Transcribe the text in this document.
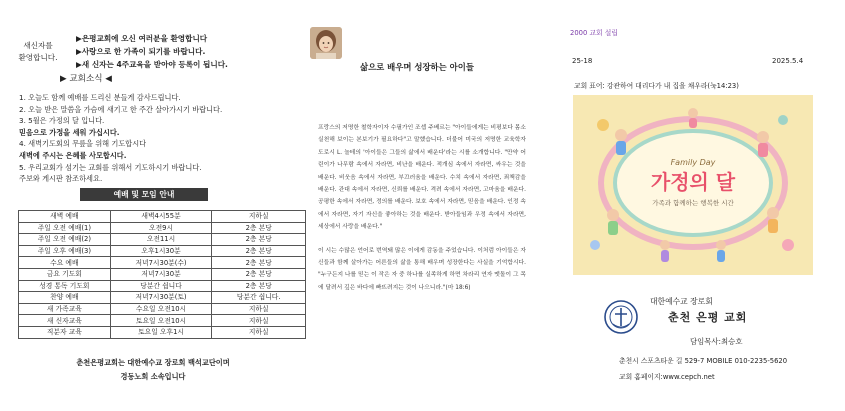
새신자를
환영합니다.
▶은평교회에 오신 여러분을 환영합니다
▶사랑으로 한 가족이 되기를 바랍니다.
▶새 신자는 4주교육을 받아야 등록이 됩니다.
▶ 교회소식 ◀
1. 오늘도 함께 예배를 드리신 분들게 감사드립니다.
2. 오늘 받은 말씀을 가슴에 새기고 한 주간 살아가시기 바랍니다.
3. 5월은 가정의 달 입니다.
믿음으로 가정을 세워 가십시다.
4. 새벽기도회의 무릎을 위해 기도합시다
새벽에 주시는 은혜를 사모합시다.
5. 우리교회가 섬기는 교회를 위해서 기도하시기 바랍니다.
주보와 게시판 참조하세요.
예배 및 모임 안내
새벽 예배	새벽4시55분	지하실
주일 오전 예배(1)	오전9시	2층 본당
주일 오전 예배(2)	오전11시	2층 본당
주일 오후 예배(3)	오후1시30분	2층 본당
수요 예배	저녁7시30분(수)	2층 본당
금요 기도회	저녁7시30분	2층 본당
성경 통독 기도회	당분간 쉽니다	2층 본당
찬양 예배	저녁7시30분(토)	당분간 쉽니다.
새 가족교육	수요일 오전10시	지하실
새 신자교육	토요일 오전10시	지하실
직분자 교육	토요일 오후1시	지하실
춘천은평교회는 대한예수교 장로회 백석교단이며
경동노회 소속입니다
삶으로 배우며 성장하는 아이들

프랑스의 저명한 철학자이자 수필가인 조셉 주베르는 "아이들에게는 비평보다 몸소 실천해 보이는 본보기가 필요하다"고 말했습니다. 더불어 미국의 저명한 교육학자 도로시 L. 놀테의 '아이들은 그들의 삶에서 배운다'라는 시를 소개합니다. "만약 어린이가 나무람 속에서 자라면, 비난을 배운다. 적개심 속에서 자라면, 싸우는 것을 배운다. 비웃음 속에서 자라면, 부끄러움을 배운다. 수치 속에서 자라면, 죄책감을 배운다. 관대 속에서 자라면, 신뢰를 배운다. 격려 속에서 자라면, 고마움을 배운다. 공평한 속에서 자라면, 정의를 배운다. 보호 속에서 자라면, 믿음을 배운다. 인정 속에서 자라면, 자기 자신을 좋아하는 것을 배운다. 받아들임과 우정 속에서 자라면, 세상에서 사랑을 배운다."

이 시는 수많은 언어로 번역돼 많은 이에게 감동을 주었습니다. 이처럼 아이들은 자신들과 함께 살아가는 어른들의 삶을 통해 배우며 성장한다는 사실을 기억합시다. "누구든지 나를 믿는 이 작은 자 중 하나를 실족하게 하면 차라리 연자 맷돌이 그 목에 달려서 깊은 바다에 빠뜨려지는 것이 나으니라."(마 18:6)

2000 교회 설립
25-18	2025.5.4
교회 표어: 강관하여 대리다가 내 집을 채우라(눅14:23)
Family Day
가정의 달
가족과 함께하는 행복한 시간
대한예수교 장로회
춘천 은평 교회
담임목사:최승호
춘천시 스포츠타운 길 529-7 MOBILE 010-2235-5620
교회 홈페이지:www.cepch.net
